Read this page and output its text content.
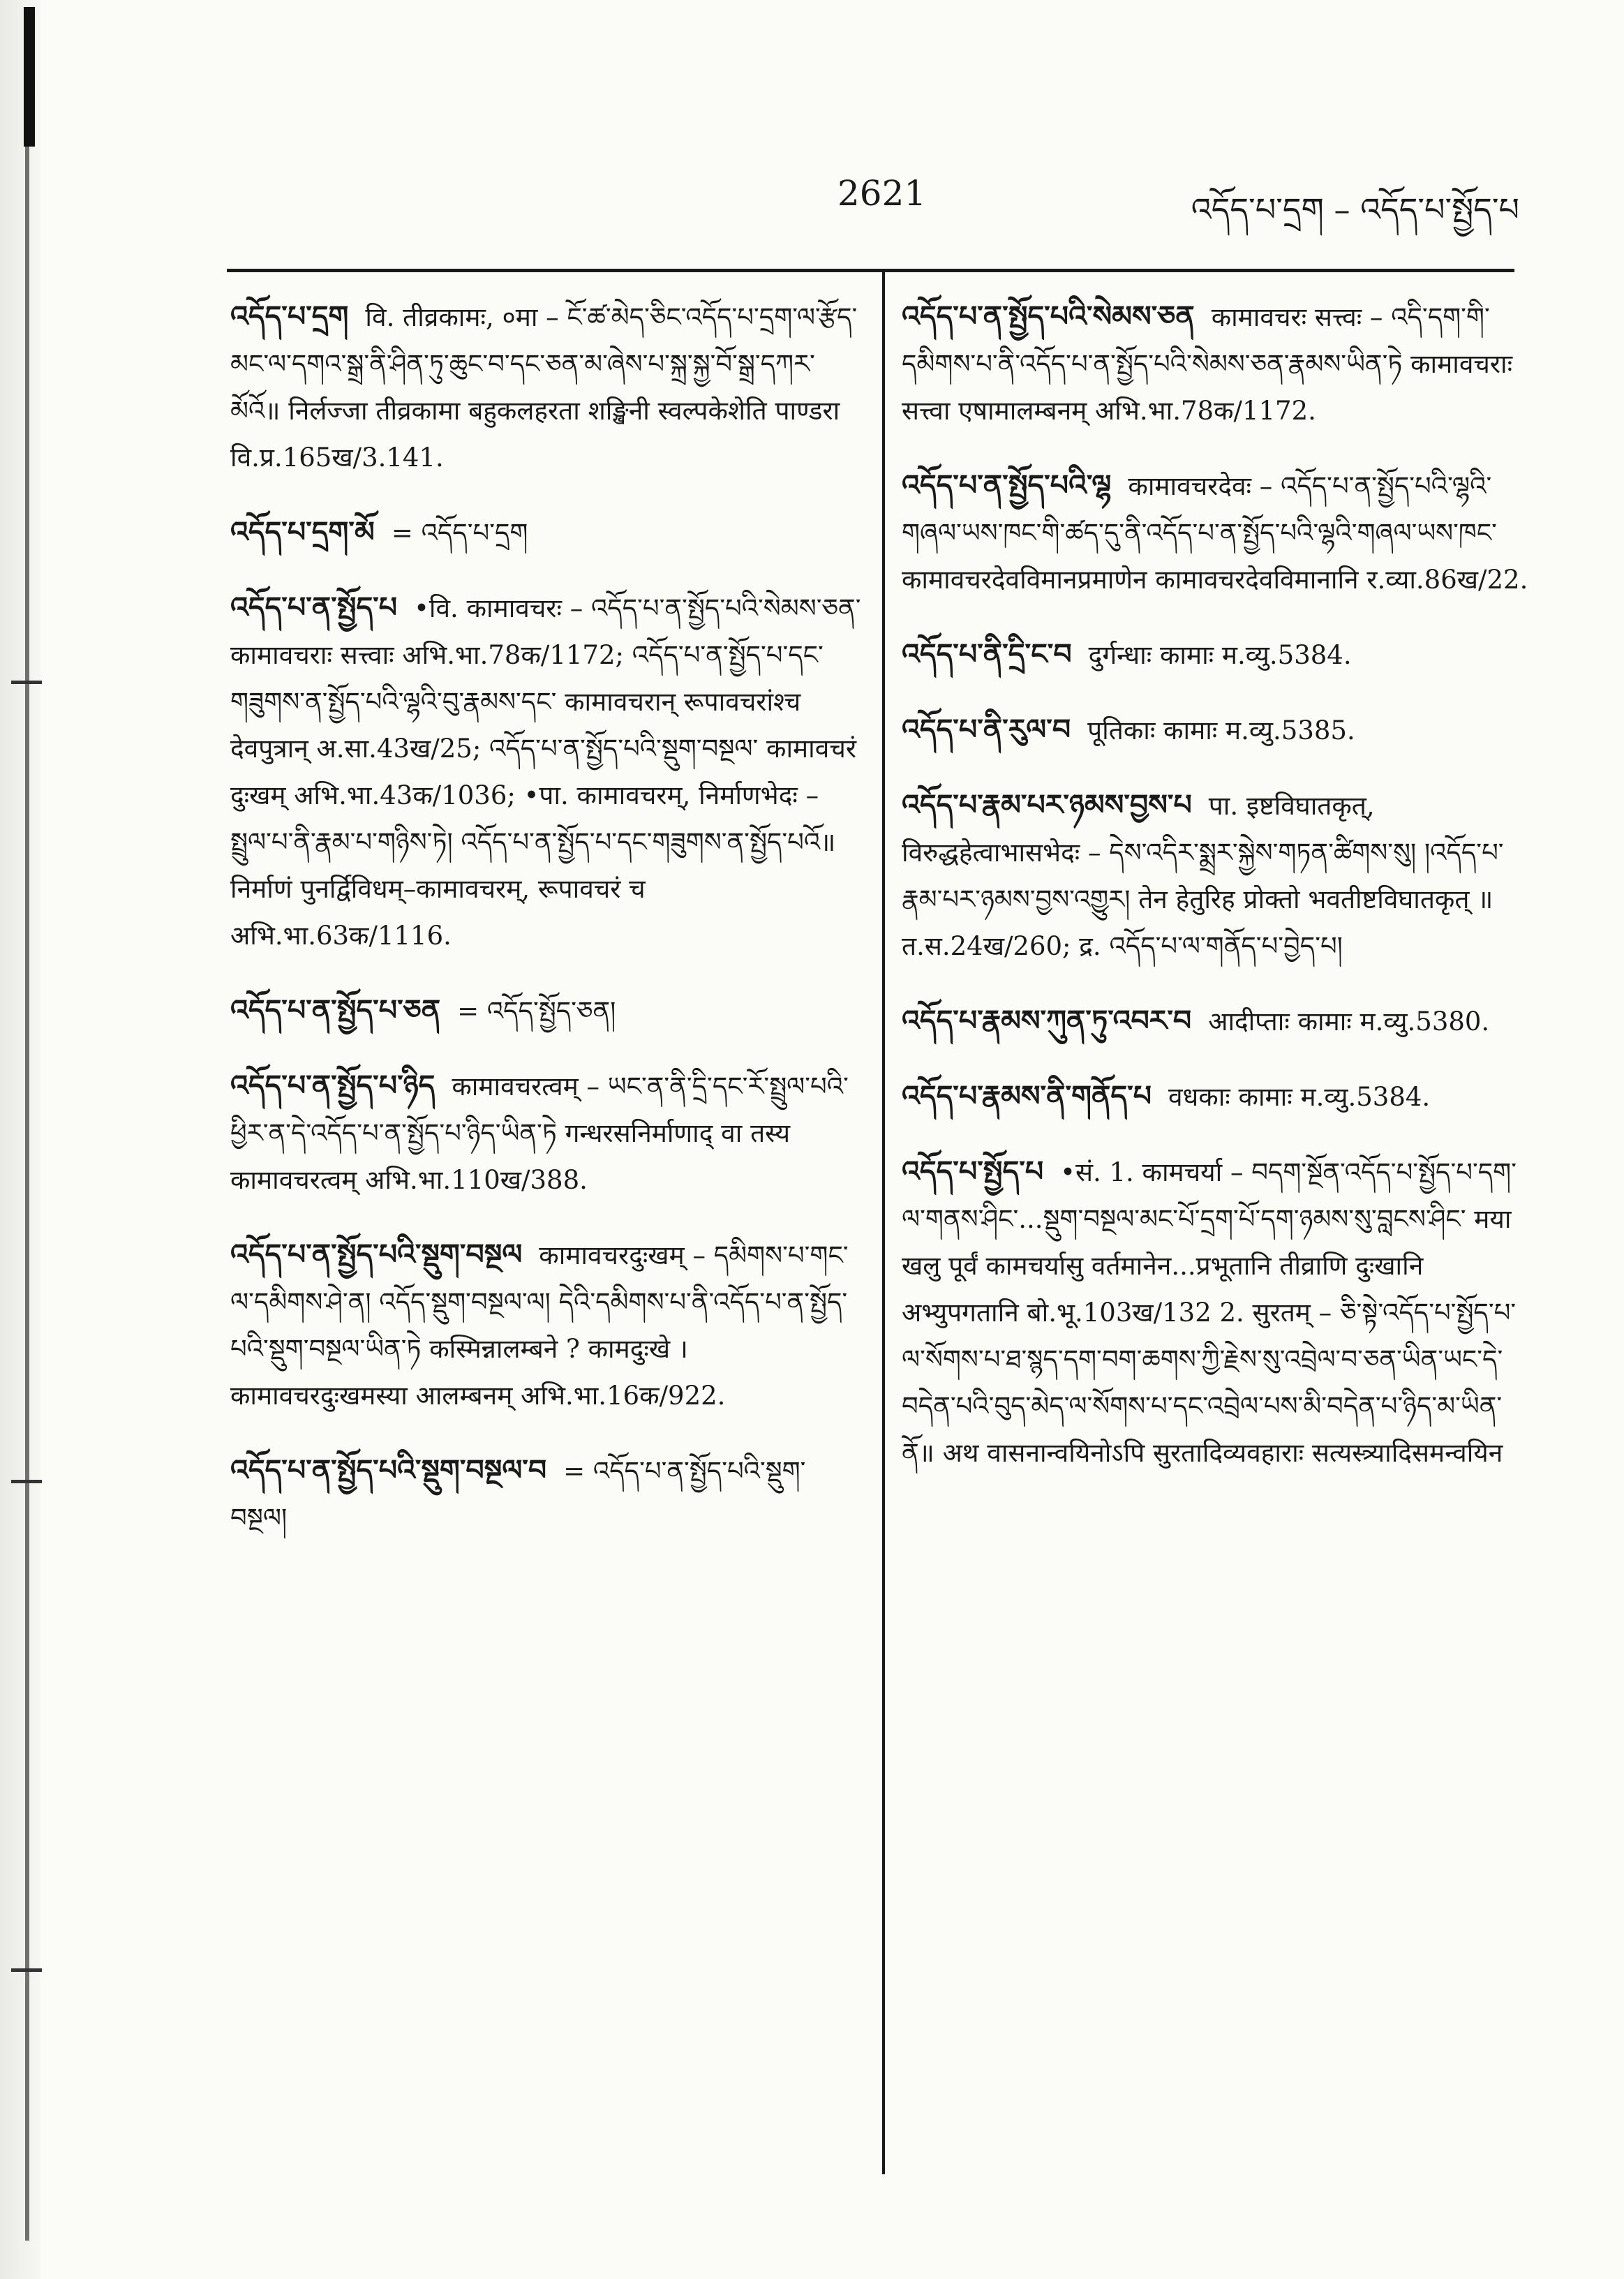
2621	འདོད་པ་དྲག – འདོད་པ་སྤྱོད་པ
འདོད་པ་དྲག वि. तीव्रकामः, ०मा – ངོ་ཚ་མེད་ཅིང་འདོད་པ་དྲག་ལ་རྩོད་མང་ལ་དགའ་སྒྲ་ནི་ཤིན་ཏུ་ཆུང་བ་དང་ཅན་མ་ཞེས་པ་སྐྲ་སྐྱ་བོ་སྒྲ་དཀར་མོའོ॥ निर्लज्जा तीव्रकामा बहुकलहरता शङ्खिनी स्वल्पकेशेति पाण्डरा वि.प्र.165ख/3.141.
འདོད་པ་དྲག་མོ = འདོད་པ་དྲག
འདོད་པ་ན་སྤྱོད་པ •वि. कामावचरः – འདོད་པ་ན་སྤྱོད་པའི་སེམས་ཅན་ कामावचराः सत्त्वाः अभि.भा.78क/1172; འདོད་པ་ན་སྤྱོད་པ་དང་གཟུགས་ན་སྤྱོད་པའི་ལྷའི་བུ་རྣམས་དང་ कामावचरान् रूपावचरांश्च देवपुत्रान् अ.सा.43ख/25; འདོད་པ་ན་སྤྱོད་པའི་སྡུག་བསྔལ་ कामावचरं दुःखम् अभि.भा.43क/1036; •पा. कामावचरम्, निर्माणभेदः – སྤྲུལ་པ་ནི་རྣམ་པ་གཉིས་ཏེ། འདོད་པ་ན་སྤྱོད་པ་དང་གཟུགས་ན་སྤྱོད་པའོ॥ निर्माणं पुनर्द्विविधम्–कामावचरम्, रूपावचरं च अभि.भा.63क/1116.
འདོད་པ་ན་སྤྱོད་པ་ཅན = འདོད་སྤྱོད་ཅན།
འདོད་པ་ན་སྤྱོད་པ་ཉིད कामावचरत्वम् – ཡང་ན་ནི་དྲི་དང་རོ་སྤྲུལ་པའི་ཕྱིར་ན་དེ་འདོད་པ་ན་སྤྱོད་པ་ཉིད་ཡིན་ཏེ गन्धरसनिर्माणाद् वा तस्य कामावचरत्वम् अभि.भा.110ख/388.
འདོད་པ་ན་སྤྱོད་པའི་སྡུག་བསྔལ कामावचरदुःखम् – དམིགས་པ་གང་ལ་དམིགས་ཤེ་ན། འདོད་སྡུག་བསྔལ་ལ། དེའི་དམིགས་པ་ནི་འདོད་པ་ན་སྤྱོད་པའི་སྡུག་བསྔལ་ཡིན་ཏེ कस्मिन्नालम्बने ? कामदुःखे । कामावचरदुःखमस्या आलम्बनम् अभि.भा.16क/922.
འདོད་པ་ན་སྤྱོད་པའི་སྡུག་བསྔལ་བ = འདོད་པ་ན་སྤྱོད་པའི་སྡུག་བསྔལ།
འདོད་པ་ན་སྤྱོད་པའི་སེམས་ཅན कामावचरः सत्त्वः – འདི་དག་གི་དམིགས་པ་ནི་འདོད་པ་ན་སྤྱོད་པའི་སེམས་ཅན་རྣམས་ཡིན་ཏེ कामावचराः सत्त्वा एषामालम्बनम् अभि.भा.78क/1172.
འདོད་པ་ན་སྤྱོད་པའི་ལྷ कामावचरदेवः – འདོད་པ་ན་སྤྱོད་པའི་ལྷའི་གཞལ་ཡས་ཁང་གི་ཚད་དུ་ནི་འདོད་པ་ན་སྤྱོད་པའི་ལྷའི་གཞལ་ཡས་ཁང་ कामावचरदेवविमानप्रमाणेन कामावचरदेवविमानानि र.व्या.86ख/22.
འདོད་པ་ནི་དྲི་ང་བ दुर्गन्धाः कामाः म.व्यु.5384.
འདོད་པ་ནི་རུལ་བ पूतिकाः कामाः म.व्यु.5385.
འདོད་པ་རྣམ་པར་ཉམས་བྱས་པ पा. इष्टविघातकृत्, विरुद्धहेत्वाभासभेदः – དེས་འདིར་སྨྲར་སྐྱེས་གཏན་ཚིགས་སུ། །འདོད་པ་རྣམ་པར་ཉམས་བྱས་འགྱུར། तेन हेतुरिह प्रोक्तो भवतीष्टविघातकृत् ॥ त.स.24ख/260; द्र. འདོད་པ་ལ་གནོད་པ་བྱེད་པ།
འདོད་པ་རྣམས་ཀུན་ཏུ་འབར་བ आदीप्ताः कामाः म.व्यु.5380.
འདོད་པ་རྣམས་ནི་གནོད་པ वधकाः कामाः म.व्यु.5384.
འདོད་པ་སྤྱོད་པ •सं. 1. कामचर्या – བདག་སྔོན་འདོད་པ་སྤྱོད་པ་དག་ལ་གནས་ཤིང་...སྡུག་བསྔལ་མང་པོ་དྲག་པོ་དག་ཉམས་སུ་བླངས་ཤིང་ मया खलु पूर्वं कामचर्यासु वर्तमानेन...प्रभूतानि तीव्राणि दुःखानि अभ्युपगतानि बो.भू.103ख/132 2. सुरतम् – ཅི་སྟེ་འདོད་པ་སྤྱོད་པ་ལ་སོགས་པ་ཐ་སྙད་དག་བག་ཆགས་ཀྱི་རྗེས་སུ་འབྲེལ་བ་ཅན་ཡིན་ཡང་དེ་བདེན་པའི་བུད་མེད་ལ་སོགས་པ་དང་འབྲེལ་པས་མི་བདེན་པ་ཉིད་མ་ཡིན་ནོ॥ अथ वासनान्वयिनोऽपि सुरतादिव्यवहाराः सत्यस्त्र्यादिसमन्वयिन
